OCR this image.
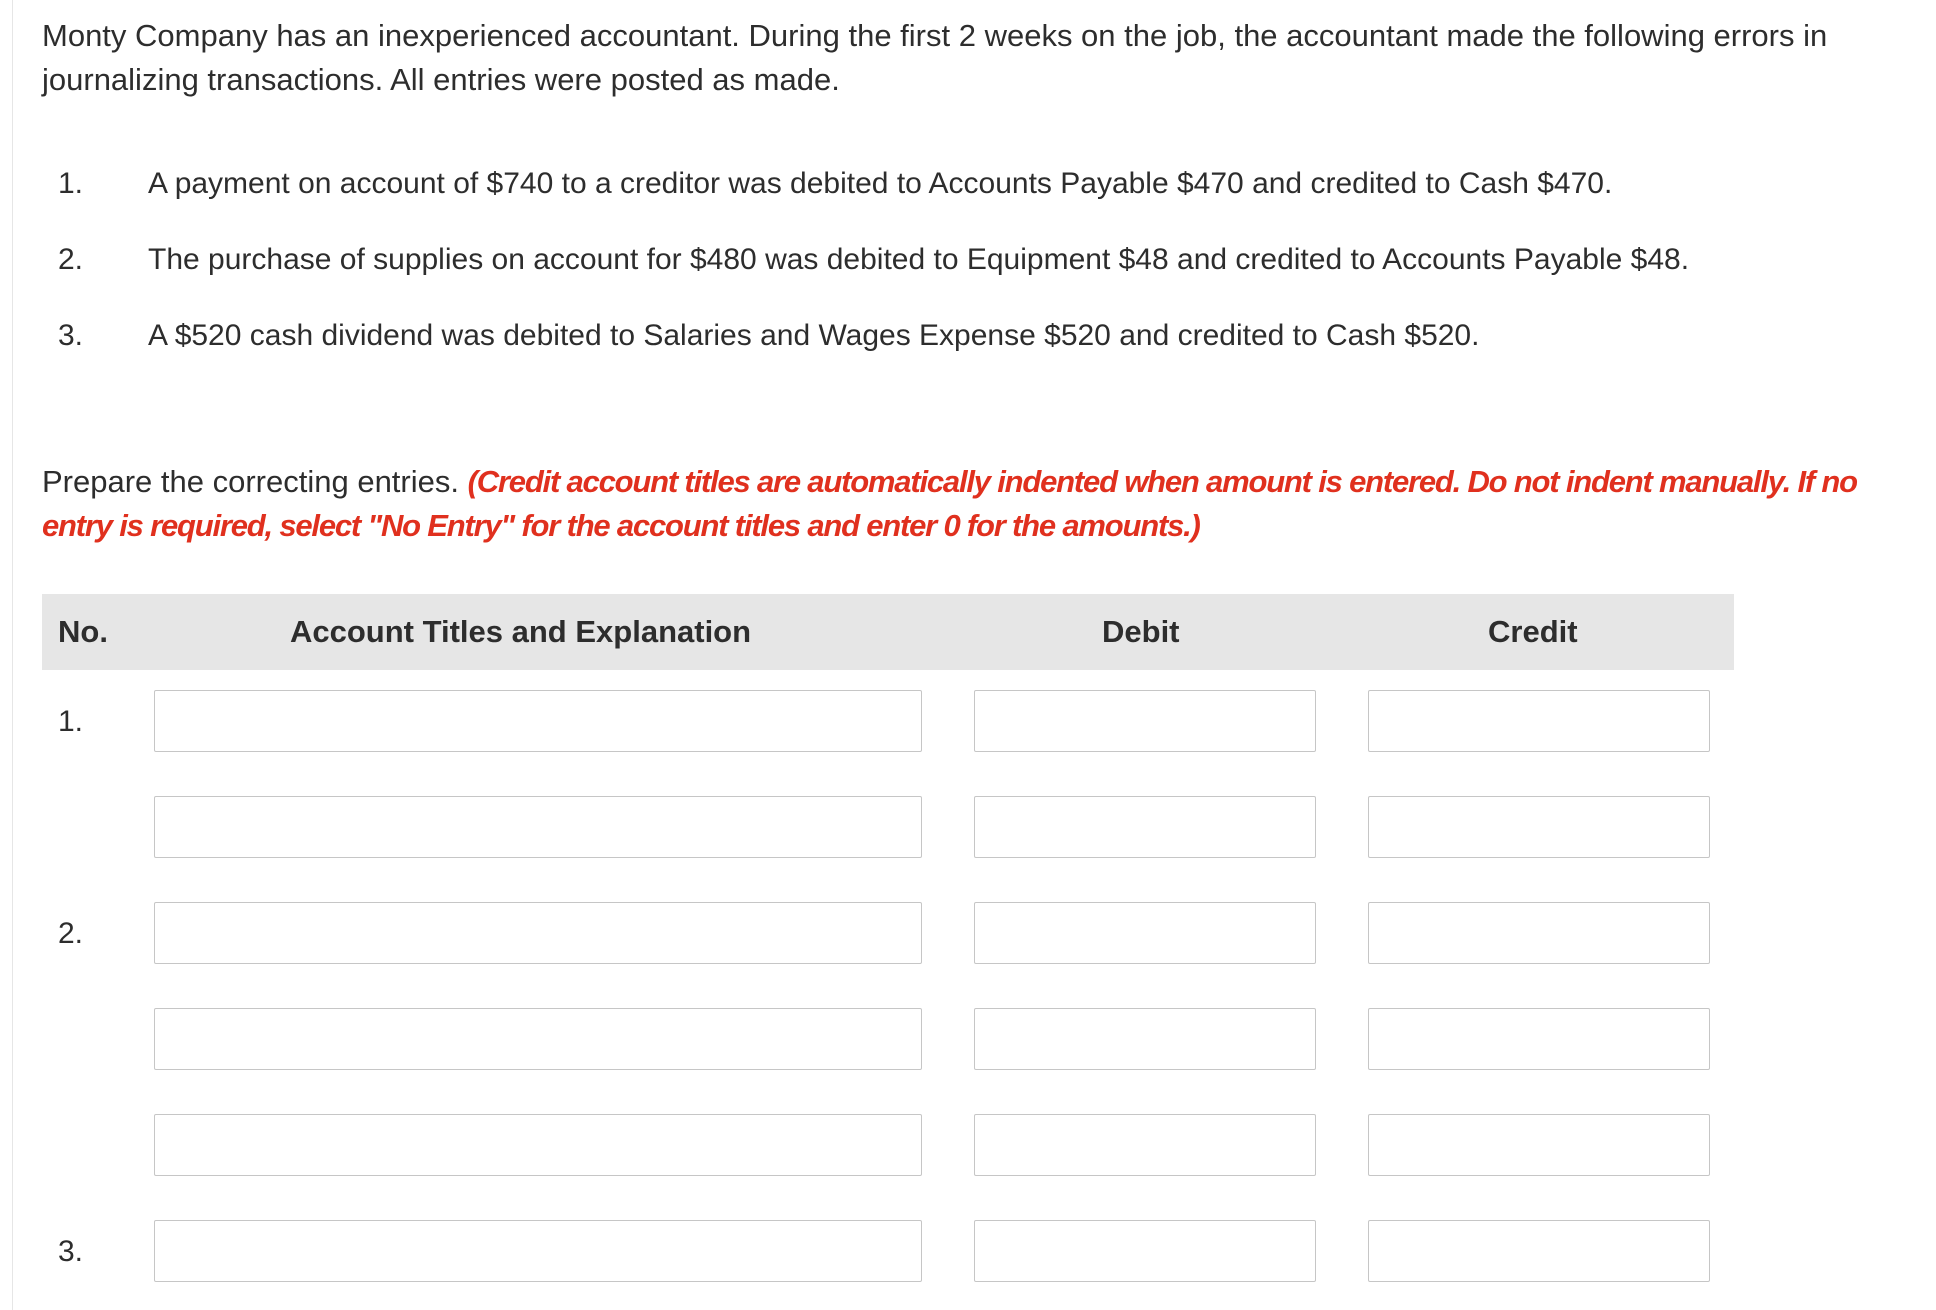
Monty Company has an inexperienced accountant. During the first 2 weeks on the job, the accountant made the following errors in journalizing transactions. All entries were posted as made.

1.	A payment on account of $740 to a creditor was debited to Accounts Payable $470 and credited to Cash $470.
2.	The purchase of supplies on account for $480 was debited to Equipment $48 and credited to Accounts Payable $48.
3.	A $520 cash dividend was debited to Salaries and Wages Expense $520 and credited to Cash $520.

Prepare the correcting entries. (Credit account titles are automatically indented when amount is entered. Do not indent manually. If no entry is required, select "No Entry" for the account titles and enter 0 for the amounts.)

No.	Account Titles and Explanation	Debit	Credit
1.
2.
3.
